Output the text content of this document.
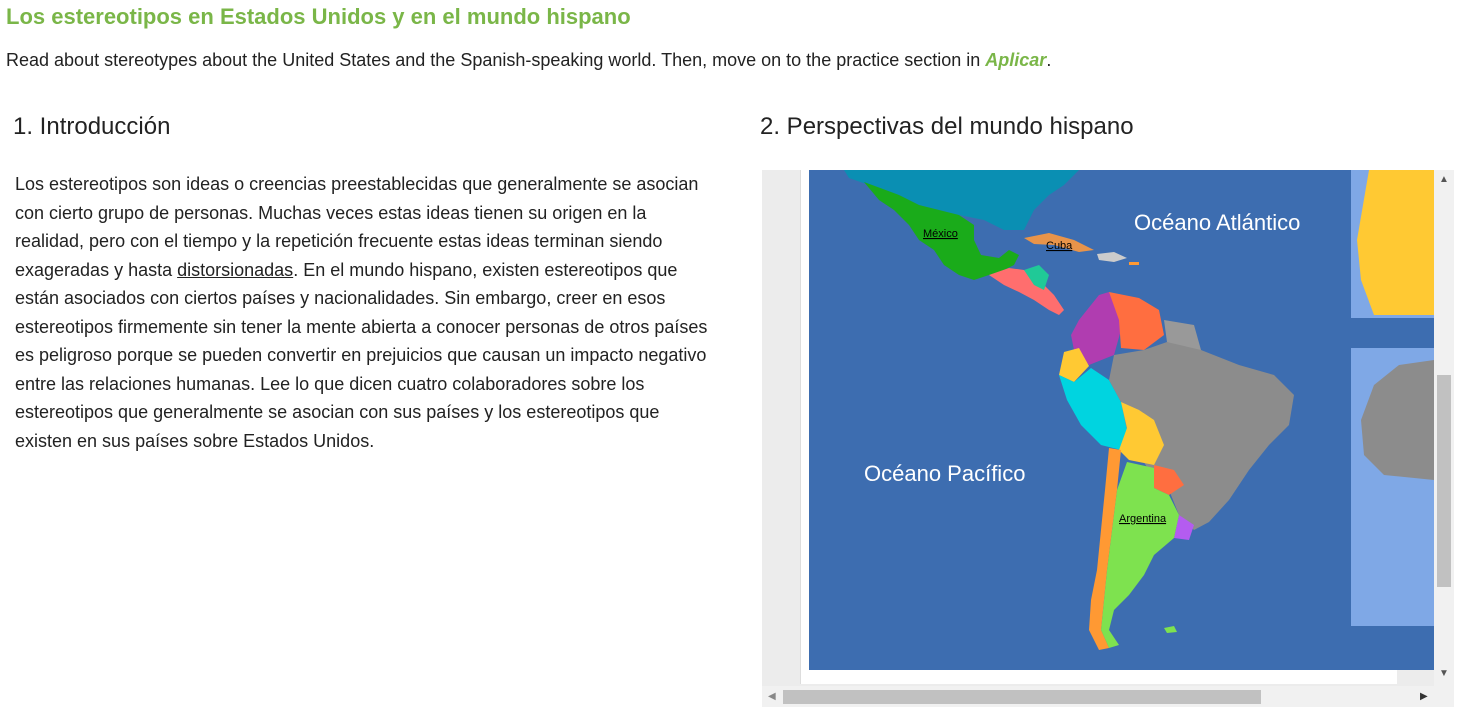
Los estereotipos en Estados Unidos y en el mundo hispano

Read about stereotypes about the United States and the Spanish-speaking world. Then, move on to the practice section in Aplicar.

1. Introducción	2. Perspectivas del mundo hispano

Los estereotipos son ideas o creencias preestablecidas que generalmente se asocian con cierto grupo de personas. Muchas veces estas ideas tienen su origen en la realidad, pero con el tiempo y la repetición frecuente estas ideas terminan siendo exageradas y hasta distorsionadas. En el mundo hispano, existen estereotipos que están asociados con ciertos países y nacionalidades. Sin embargo, creer en esos estereotipos firmemente sin tener la mente abierta a conocer personas de otros países es peligroso porque se pueden convertir en prejuicios que causan un impacto negativo entre las relaciones humanas. Lee lo que dicen cuatro colaboradores sobre los estereotipos que generalmente se asocian con sus países y los estereotipos que existen en sus países sobre Estados Unidos.

Océano Atlántico
Océano Pacífico
México
Cuba
Argentina
▲
▼
◀	▶
